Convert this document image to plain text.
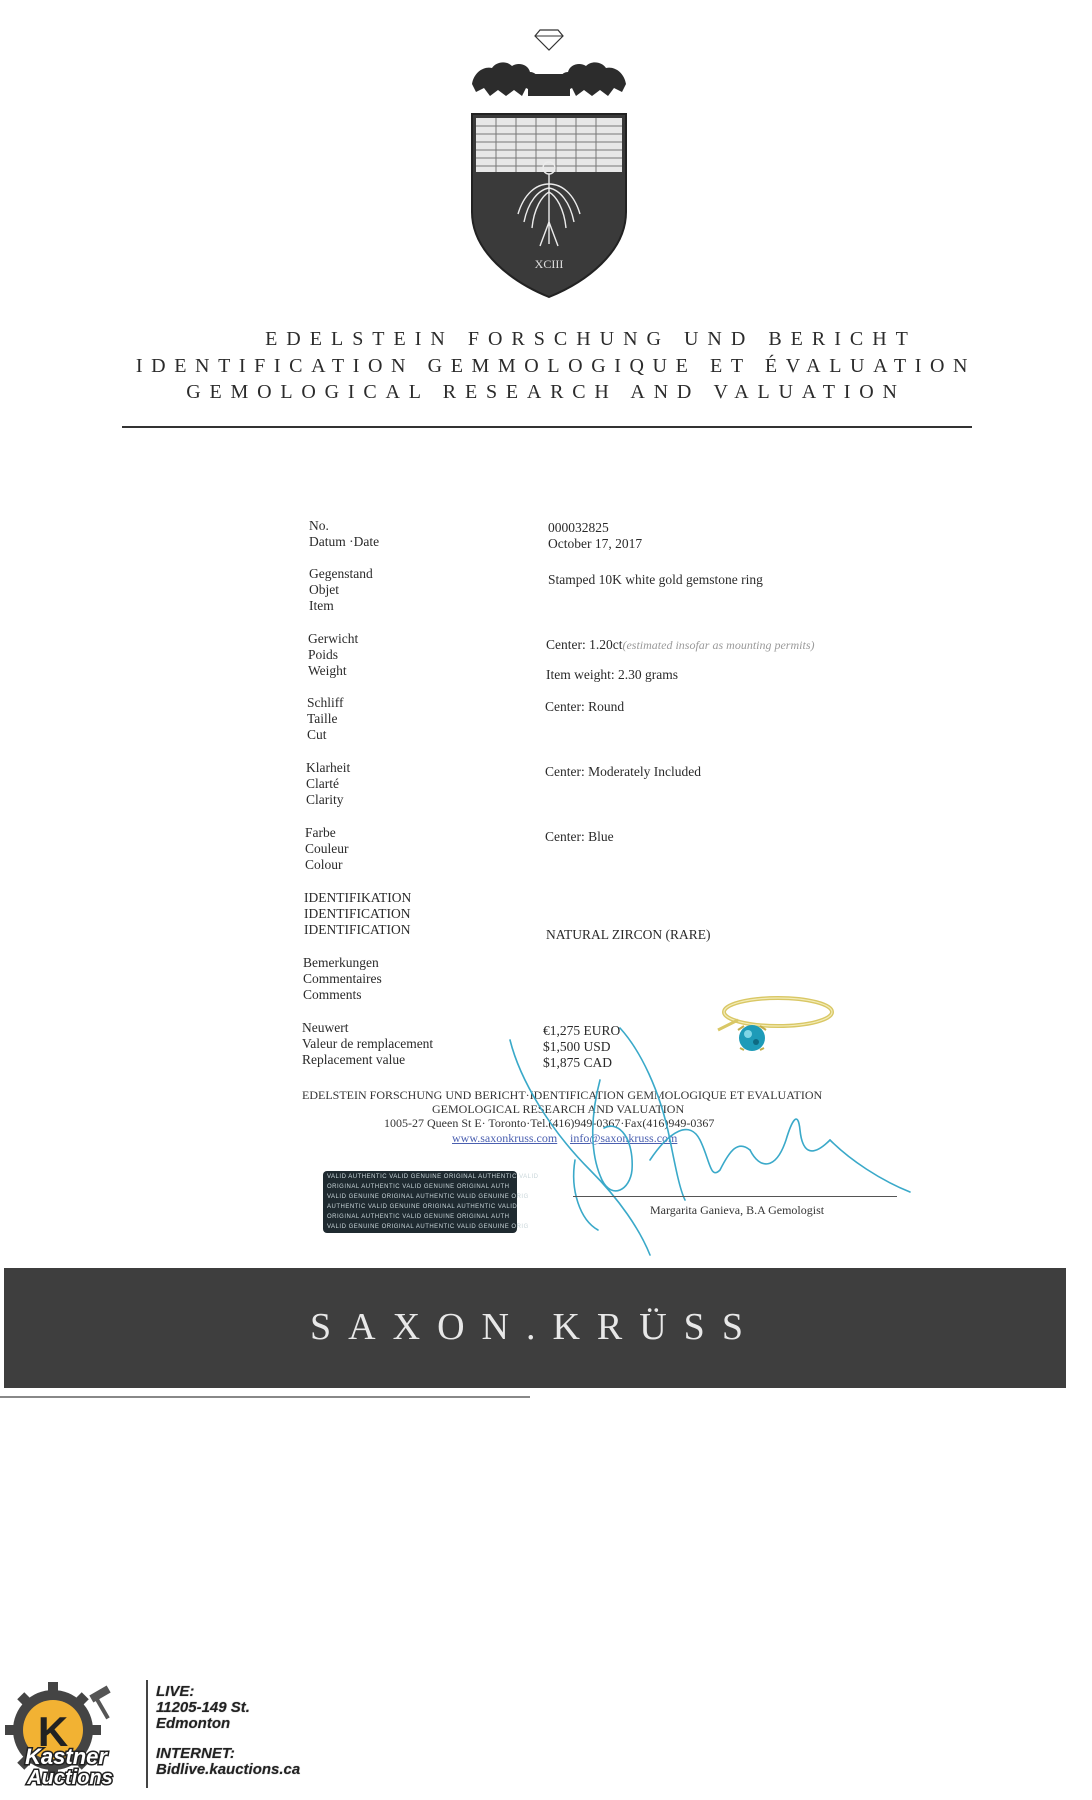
XCIII
EDELSTEIN FORSCHUNG UND BERICHT
IDENTIFICATION GEMMOLOGIQUE ET ÉVALUATION
GEMOLOGICAL RESEARCH AND VALUATION
No.
Datum ·Date
000032825
October 17, 2017
Gegenstand
Objet
Item
Stamped 10K white gold gemstone ring
Gerwicht
Poids
Weight
Center: 1.20ct(estimated insofar as mounting permits)
Item weight: 2.30 grams
Schliff
Taille
Cut
Center: Round
Klarheit
Clarté
Clarity
Center: Moderately Included
Farbe
Couleur
Colour
Center: Blue
IDENTIFIKATION
IDENTIFICATION
IDENTIFICATION	NATURAL ZIRCON (RARE)
Bemerkungen
Commentaires
Comments
Neuwert
Valeur de remplacement
Replacement value
€1,275 EURO
$1,500 USD
$1,875 CAD
EDELSTEIN FORSCHUNG UND BERICHT·IDENTIFICATION GEMMOLOGIQUE ET EVALUATION
GEMOLOGICAL RESEARCH AND VALUATION
1005-27 Queen St E· Toronto·Tel.(416)949-0367·Fax(416)949-0367
www.saxonkruss.com info@saxonkruss.com
VALID AUTHENTIC VALID GENUINE ORIGINAL AUTHENTIC VALID
ORIGINAL AUTHENTIC VALID GENUINE ORIGINAL AUTH
VALID GENUINE ORIGINAL AUTHENTIC VALID GENUINE ORIG
AUTHENTIC VALID GENUINE ORIGINAL AUTHENTIC VALID
ORIGINAL AUTHENTIC VALID GENUINE ORIGINAL AUTH
VALID GENUINE ORIGINAL AUTHENTIC VALID GENUINE ORIG
Margarita Ganieva, B.A Gemologist
SAXON.KRÜSS
K
Kastner
Auctions
LIVE:
11205-149 St.
Edmonton
INTERNET:
Bidlive.kauctions.ca
